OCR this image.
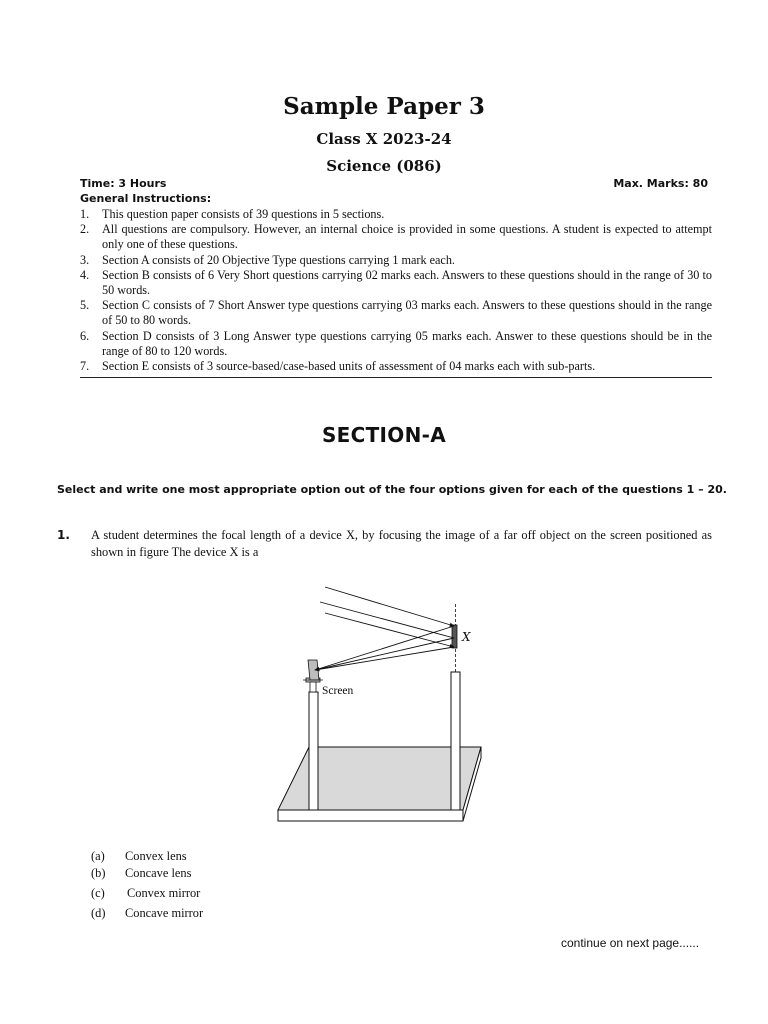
Sample Paper 3
Class X 2023-24
Science (086)
Time: 3 Hours	Max. Marks: 80
General Instructions:
1. This question paper consists of 39 questions in 5 sections.
2. All questions are compulsory. However, an internal choice is provided in some questions. A student is expected to attempt only one of these questions.
3. Section A consists of 20 Objective Type questions carrying 1 mark each.
4. Section B consists of 6 Very Short questions carrying 02 marks each. Answers to these questions should in the range of 30 to 50 words.
5. Section C consists of 7 Short Answer type questions carrying 03 marks each. Answers to these questions should in the range of 50 to 80 words.
6. Section D consists of 3 Long Answer type questions carrying 05 marks each. Answer to these questions should be in the range of 80 to 120 words.
7. Section E consists of 3 source-based/case-based units of assessment of 04 marks each with sub-parts.
SECTION-A
Select and write one most appropriate option out of the four options given for each of the questions 1 – 20.
1. A student determines the focal length of a device X, by focusing the image of a far off object on the screen positioned as shown in figure The device X is a
X
Screen
(a) Convex lens
(b) Concave lens
(c) Convex mirror
(d) Concave mirror
continue on next page......
